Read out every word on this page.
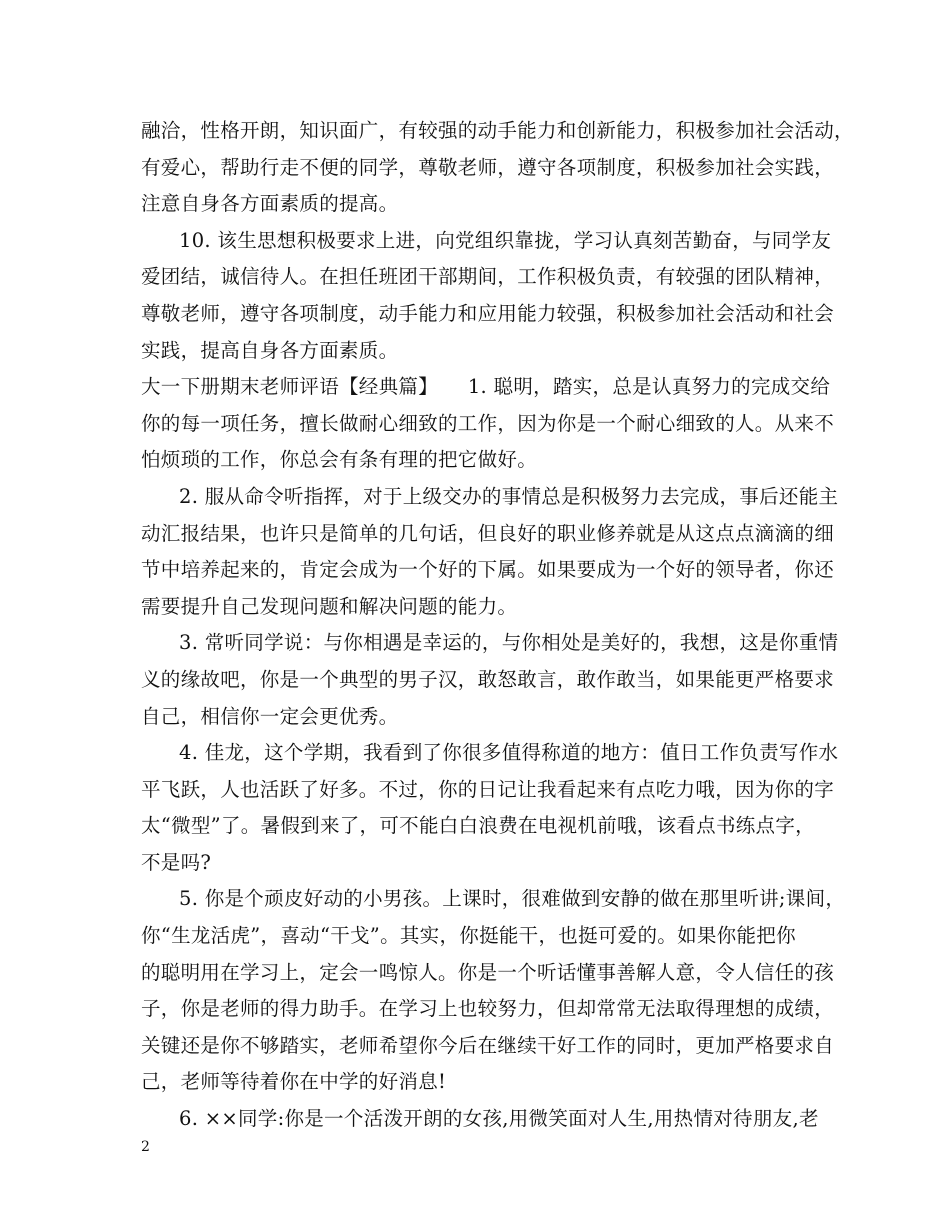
融洽，性格开朗，知识面广，有较强的动手能力和创新能力，积极参加社会活动，
有爱心，帮助行走不便的同学，尊敬老师，遵守各项制度，积极参加社会实践，
注意自身各方面素质的提高。
10. 该生思想积极要求上进，向党组织靠拢，学习认真刻苦勤奋，与同学友
爱团结，诚信待人。在担任班团干部期间，工作积极负责，有较强的团队精神，
尊敬老师，遵守各项制度，动手能力和应用能力较强，积极参加社会活动和社会
实践，提高自身各方面素质。
大一下册期末老师评语【经典篇】　　1. 聪明，踏实，总是认真努力的完成交给
你的每一项任务，擅长做耐心细致的工作，因为你是一个耐心细致的人。从来不
怕烦琐的工作，你总会有条有理的把它做好。
2. 服从命令听指挥，对于上级交办的事情总是积极努力去完成，事后还能主
动汇报结果，也许只是简单的几句话，但良好的职业修养就是从这点点滴滴的细
节中培养起来的，肯定会成为一个好的下属。如果要成为一个好的领导者，你还
需要提升自己发现问题和解决问题的能力。
3. 常听同学说：与你相遇是幸运的，与你相处是美好的，我想，这是你重情
义的缘故吧，你是一个典型的男子汉，敢怒敢言，敢作敢当，如果能更严格要求
自己，相信你一定会更优秀。
4. 佳龙，这个学期，我看到了你很多值得称道的地方：值日工作负责写作水
平飞跃，人也活跃了好多。不过，你的日记让我看起来有点吃力哦，因为你的字
太“微型”了。暑假到来了，可不能白白浪费在电视机前哦，该看点书练点字，
不是吗?
5. 你是个顽皮好动的小男孩。上课时，很难做到安静的做在那里听讲;课间，
你“生龙活虎”，喜动“干戈”。其实，你挺能干，也挺可爱的。如果你能把你
的聪明用在学习上，定会一鸣惊人。你是一个听话懂事善解人意，令人信任的孩
子，你是老师的得力助手。在学习上也较努力，但却常常无法取得理想的成绩，
关键还是你不够踏实，老师希望你今后在继续干好工作的同时，更加严格要求自
己，老师等待着你在中学的好消息!
6. ××同学:你是一个活泼开朗的女孩,用微笑面对人生,用热情对待朋友,老
2
